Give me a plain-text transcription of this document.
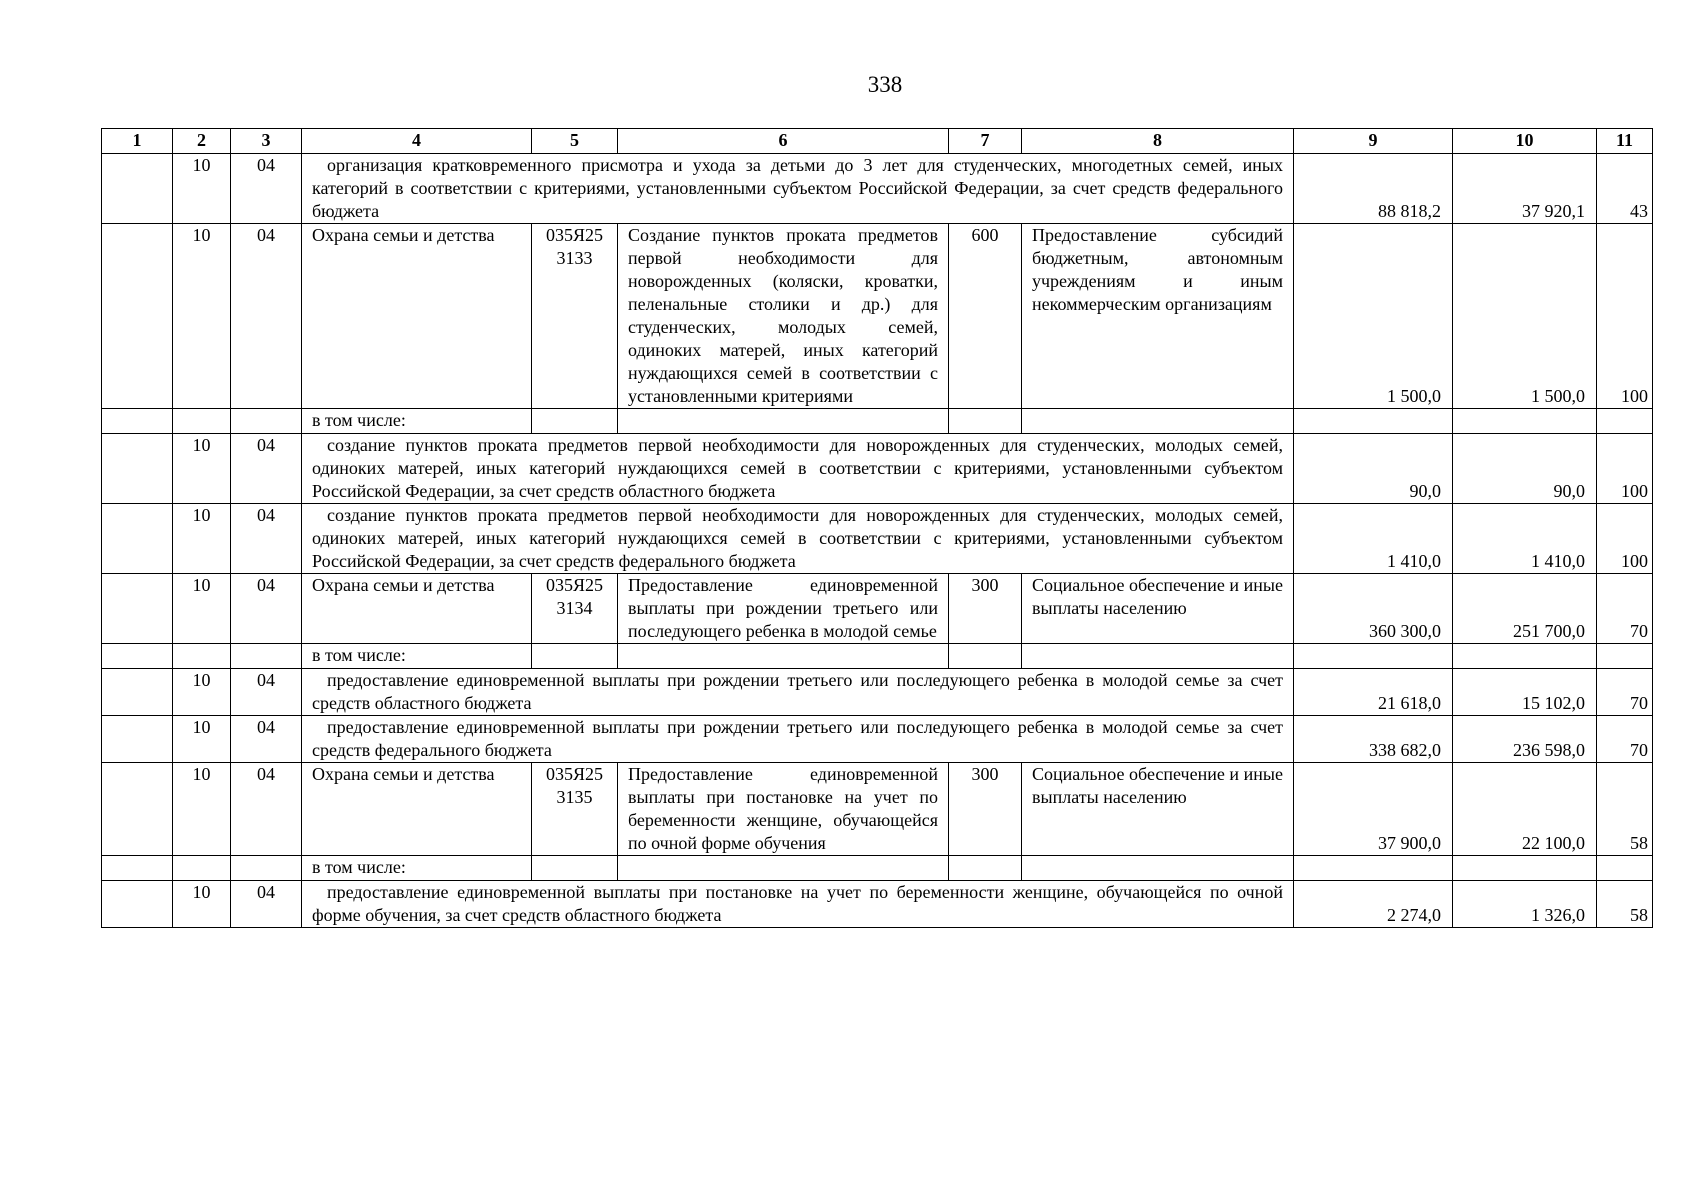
338
1	2	3	4	5	6	7	8	9	10	11
	10	04	организация кратковременного присмотра и ухода за детьми до 3 лет для студенческих, многодетных семей, иных категорий в соответствии с критериями, установленными субъектом Российской Федерации, за счет средств федерального бюджета					88 818,2	37 920,1	43
	10	04	Охрана семьи и детства	035Я25 3133	Создание пунктов проката предметов первой необходимости для новорожденных (коляски, кроватки, пеленальные столики и др.) для студенческих, молодых семей, одиноких матерей, иных категорий нуждающихся семей в соответствии с установленными критериями	600	Предоставление субсидий бюджетным, автономным учреждениям и иным некоммерческим организациям	1 500,0	1 500,0	100
			в том числе:							
	10	04	создание пунктов проката предметов первой необходимости для новорожденных для студенческих, молодых семей, одиноких матерей, иных категорий нуждающихся семей в соответствии с критериями, установленными субъектом Российской Федерации, за счет средств областного бюджета					90,0	90,0	100
	10	04	создание пунктов проката предметов первой необходимости для новорожденных для студенческих, молодых семей, одиноких матерей, иных категорий нуждающихся семей в соответствии с критериями, установленными субъектом Российской Федерации, за счет средств федерального бюджета					1 410,0	1 410,0	100
	10	04	Охрана семьи и детства	035Я25 3134	Предоставление единовременной выплаты при рождении третьего или последующего ребенка в молодой семье	300	Социальное обеспечение и иные выплаты населению	360 300,0	251 700,0	70
			в том числе:							
	10	04	предоставление единовременной выплаты при рождении третьего или последующего ребенка в молодой семье за счет средств областного бюджета					21 618,0	15 102,0	70
	10	04	предоставление единовременной выплаты при рождении третьего или последующего ребенка в молодой семье за счет средств федерального бюджета					338 682,0	236 598,0	70
	10	04	Охрана семьи и детства	035Я25 3135	Предоставление единовременной выплаты при постановке на учет по беременности женщине, обучающейся по очной форме обучения	300	Социальное обеспечение и иные выплаты населению	37 900,0	22 100,0	58
			в том числе:							
	10	04	предоставление единовременной выплаты при постановке на учет по беременности женщине, обучающейся по очной форме обучения, за счет средств областного бюджета					2 274,0	1 326,0	58
